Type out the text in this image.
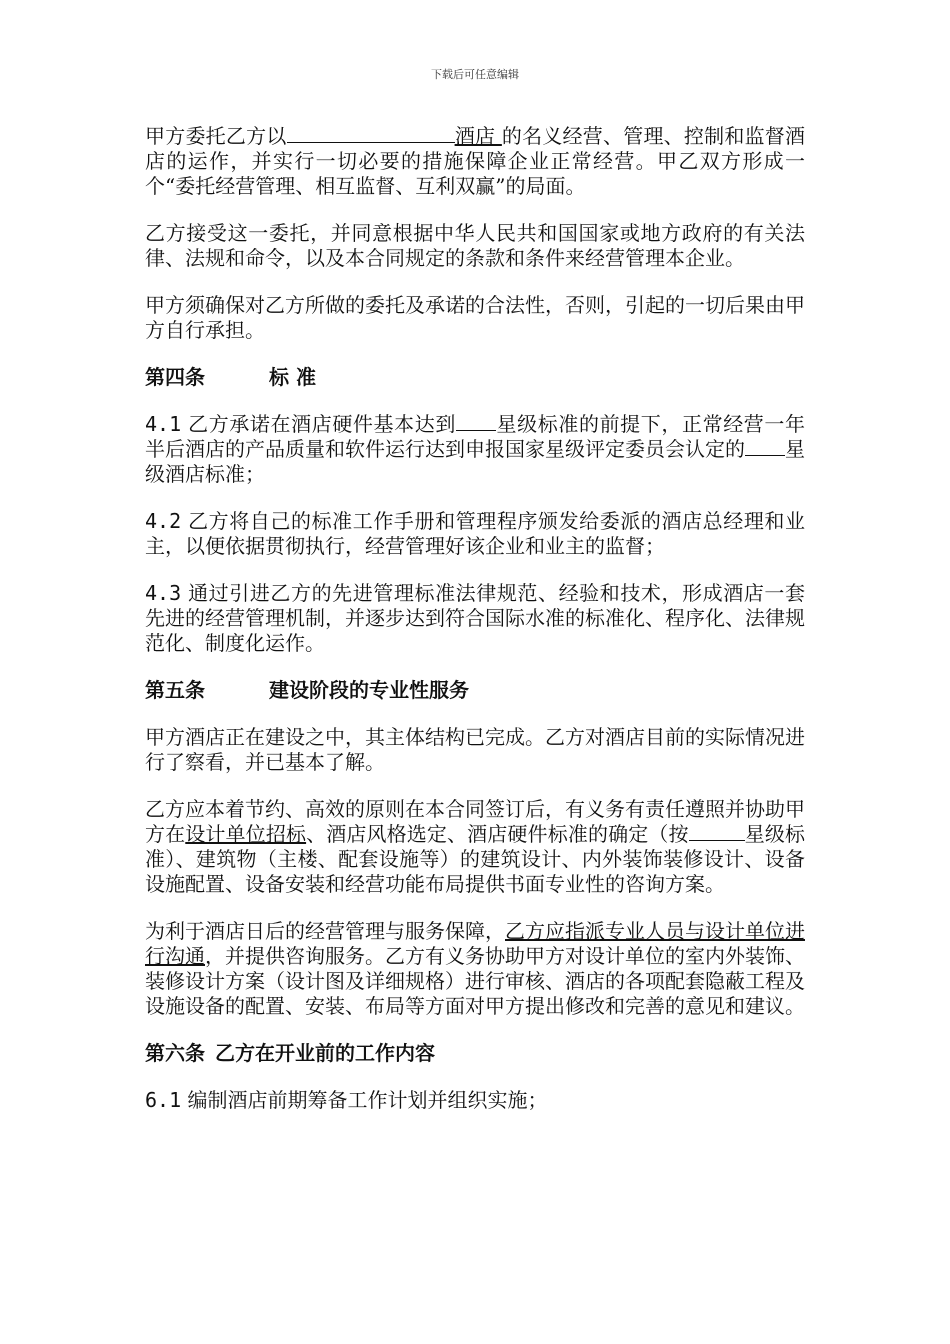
下载后可任意编辑

甲方委托乙方以	酒店 的名义经营、管理、控制和监督酒店的运作，并实行一切必要的措施保障企业正常经营。甲乙双方形成一个“委托经营管理、相互监督、互利双赢”的局面。

乙方接受这一委托，并同意根据中华人民共和国国家或地方政府的有关法律、法规和命令，以及本合同规定的条款和条件来经营管理本企业。

甲方须确保对乙方所做的委托及承诺的合法性，否则，引起的一切后果由甲方自行承担。

第四条	标 准

4.1 乙方承诺在酒店硬件基本达到 星级标准的前提下，正常经营一年半后酒店的产品质量和软件运行达到申报国家星级评定委员会认定的 星级酒店标准；

4.2 乙方将自己的标准工作手册和管理程序颁发给委派的酒店总经理和业主，以便依据贯彻执行，经营管理好该企业和业主的监督；

4.3 通过引进乙方的先进管理标准法律规范、经验和技术，形成酒店一套先进的经营管理机制，并逐步达到符合国际水准的标准化、程序化、法律规范化、制度化运作。

第五条	建设阶段的专业性服务

甲方酒店正在建设之中，其主体结构已完成。乙方对酒店目前的实际情况进行了察看，并已基本了解。

乙方应本着节约、高效的原则在本合同签订后，有义务有责任遵照并协助甲方在设计单位招标、酒店风格选定、酒店硬件标准的确定（按	星级标准）、建筑物（主楼、配套设施等）的建筑设计、内外装饰装修设计、设备设施配置、设备安装和经营功能布局提供书面专业性的咨询方案。

为利于酒店日后的经营管理与服务保障，乙方应指派专业人员与设计单位进行沟通，并提供咨询服务。乙方有义务协助甲方对设计单位的室内外装饰、装修设计方案（设计图及详细规格）进行审核、酒店的各项配套隐蔽工程及设施设备的配置、安装、布局等方面对甲方提出修改和完善的意见和建议。

第六条 乙方在开业前的工作内容

6.1 编制酒店前期筹备工作计划并组织实施；
